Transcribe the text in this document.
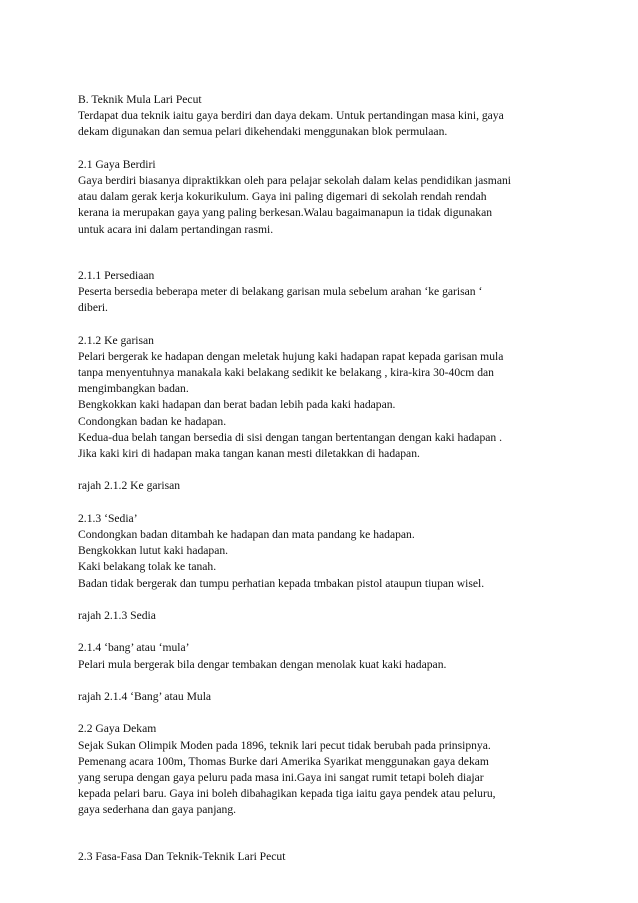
B. Teknik Mula Lari Pecut
Terdapat dua teknik iaitu gaya berdiri dan daya dekam. Untuk pertandingan masa kini, gaya
dekam digunakan dan semua pelari dikehendaki menggunakan blok permulaan.
2.1 Gaya Berdiri
Gaya berdiri biasanya dipraktikkan oleh para pelajar sekolah dalam kelas pendidikan jasmani
atau dalam gerak kerja kokurikulum. Gaya ini paling digemari di sekolah rendah rendah
kerana ia merupakan gaya yang paling berkesan.Walau bagaimanapun ia tidak digunakan
untuk acara ini dalam pertandingan rasmi.
2.1.1 Persediaan
Peserta bersedia beberapa meter di belakang garisan mula sebelum arahan ‘ke garisan ‘
diberi.
2.1.2 Ke garisan
Pelari bergerak ke hadapan dengan meletak hujung kaki hadapan rapat kepada garisan mula
tanpa menyentuhnya manakala kaki belakang sedikit ke belakang , kira-kira 30-40cm dan
mengimbangkan badan.
Bengkokkan kaki hadapan dan berat badan lebih pada kaki hadapan.
Condongkan badan ke hadapan.
Kedua-dua belah tangan bersedia di sisi dengan tangan bertentangan dengan kaki hadapan .
Jika kaki kiri di hadapan maka tangan kanan mesti diletakkan di hadapan.
rajah 2.1.2 Ke garisan
2.1.3 ‘Sedia’
Condongkan badan ditambah ke hadapan dan mata pandang ke hadapan.
Bengkokkan lutut kaki hadapan.
Kaki belakang tolak ke tanah.
Badan tidak bergerak dan tumpu perhatian kepada tmbakan pistol ataupun tiupan wisel.
rajah 2.1.3 Sedia
2.1.4 ‘bang’ atau ‘mula’
Pelari mula bergerak bila dengar tembakan dengan menolak kuat kaki hadapan.
rajah 2.1.4 ‘Bang’ atau Mula
2.2 Gaya Dekam
Sejak Sukan Olimpik Moden pada 1896, teknik lari pecut tidak berubah pada prinsipnya.
Pemenang acara 100m, Thomas Burke dari Amerika Syarikat menggunakan gaya dekam
yang serupa dengan gaya peluru pada masa ini.Gaya ini sangat rumit tetapi boleh diajar
kepada pelari baru. Gaya ini boleh dibahagikan kepada tiga iaitu gaya pendek atau peluru,
gaya sederhana dan gaya panjang.
2.3 Fasa-Fasa Dan Teknik-Teknik Lari Pecut
